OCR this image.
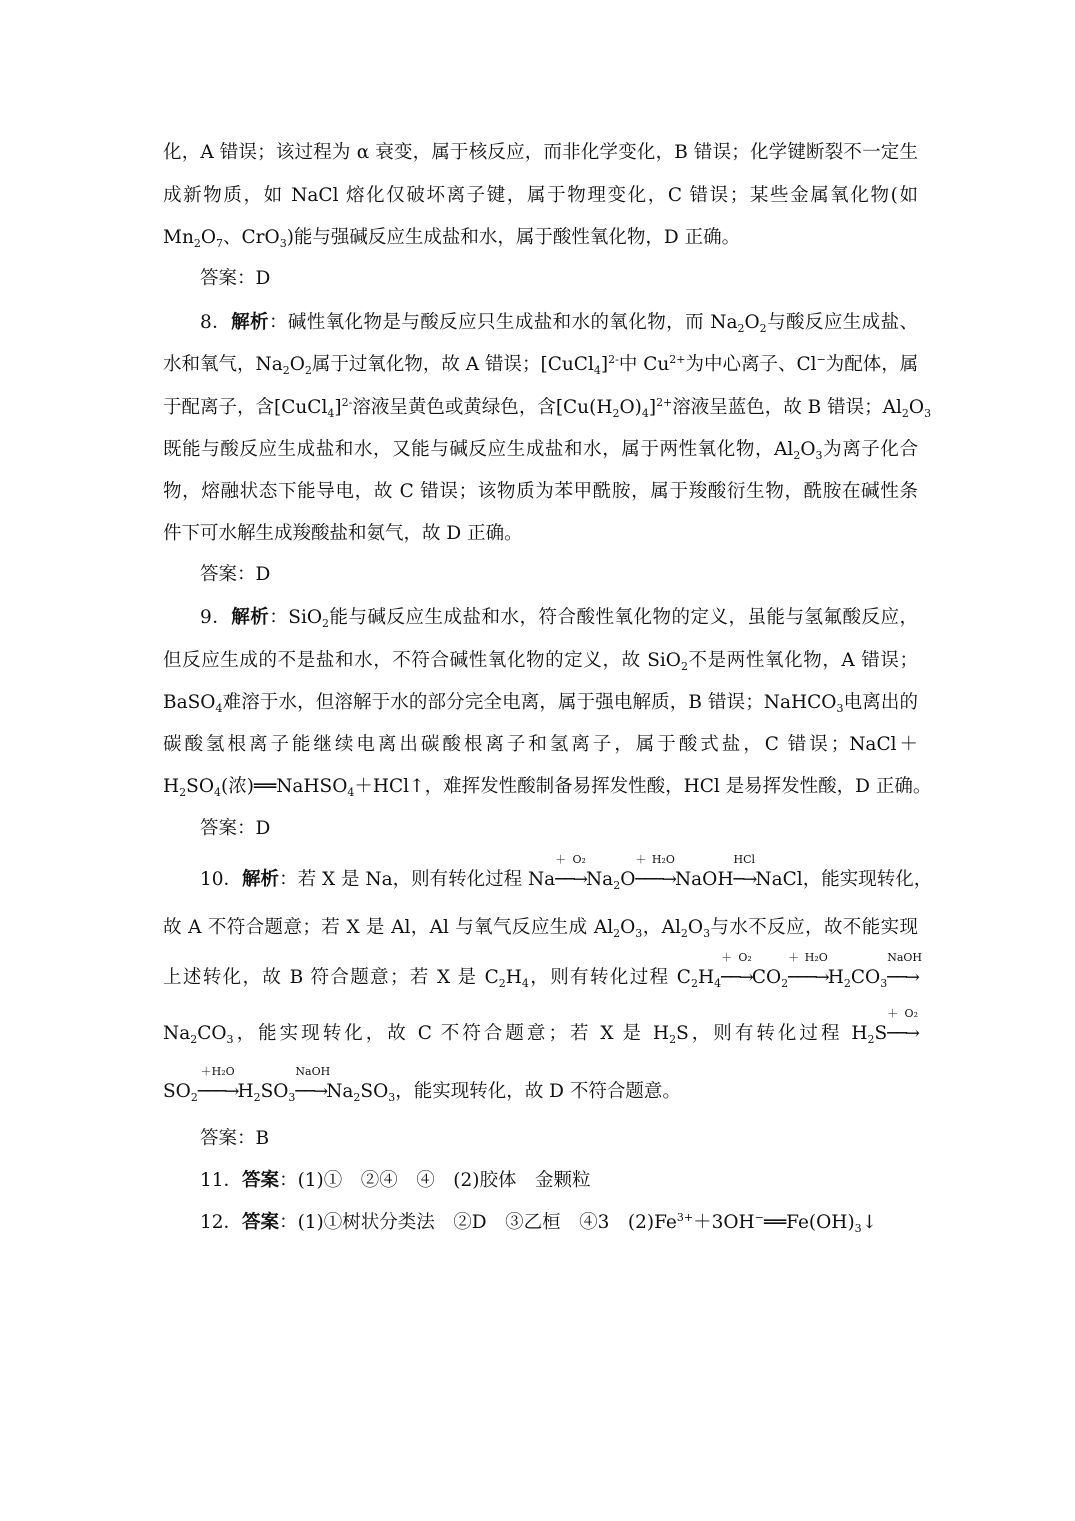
化，A 错误；该过程为 α 衰变，属于核反应，而非化学变化，B 错误；化学键断裂不一定生
成新物质，如 NaCl 熔化仅破坏离子键，属于物理变化，C 错误；某些金属氧化物(如
$Mn_2O_7$、CrO$_3$)能与强碱反应生成盐和水，属于酸性氧化物，D 正确。
答案：D
8．解析：碱性氧化物是与酸反应只生成盐和水的氧化物，而 $Na_2O_2$与酸反应生成盐、
水和氧气，$Na_2O_2$属于过氧化物，故 A 错误；[CuCl$_4$]$^{2-}$中 $Cu^{2+}$为中心离子、Cl−为配体，属
于配离子，含[CuCl$_4$]$^{2-}$溶液呈黄色或黄绿色，含$[Cu(H_2O)_4]^{2+}$溶液呈蓝色，故 B 错误；$Al_2O_3$
既能与酸反应生成盐和水，又能与碱反应生成盐和水，属于两性氧化物，$Al_2O_3$为离子化合
物，熔融状态下能导电，故 C 错误；该物质为苯甲酰胺，属于羧酸衍生物，酰胺在碱性条
件下可水解生成羧酸盐和氨气，故 D 正确。
答案：D
9．解析：SiO$_2$能与碱反应生成盐和水，符合酸性氧化物的定义，虽能与氢氟酸反应，
但反应生成的不是盐和水，不符合碱性氧化物的定义，故 SiO$_2$不是两性氧化物，A 错误；
BaSO$_4$难溶于水，但溶解于水的部分完全电离，属于强电解质，B 错误；NaHCO$_3$电离出的
碳酸氢根离子能继续电离出碳酸根离子和氢离子，属于酸式盐，C 错误；NaCl＋
$H_2SO_4$(浓)══NaHSO$_4$＋HCl↑，难挥发性酸制备易挥发性酸，HCl 是易挥发性酸，D 正确。
答案：D
10．解析：若 X 是 Na，则有转化过程 Na
＋O₂
$──\to Na_2O$
＋H₂O
───→NaOH
HCl
─→NaCl，能实现转化，
故 A 不符合题意；若 X 是 Al，Al 与氧气反应生成 $Al_2O_3$，$Al_2O_3$与水不反应，故不能实现
上述转化，故 B 符合题意；若 X 是 $C_2H_4$，则有转化过程 $C_2H_4$
＋O₂
$──\to CO_2$
＋H₂O
$───\to H_2CO_3$
NaOH
──→
$Na_2CO_3$，能实现转化，故 C 不符合题意；若 X 是 $H_2S$，则有转化过程 $H_2S$
＋O₂
──→
$SO_2$
＋H₂O
$───\to H_2SO_3$
NaOH
$──\to Na_2SO_3$，能实现转化，故 D 不符合题意。
答案：B
11．答案：(1)①　②④　④　(2)胶体　金颗粒
12．答案：(1)①树状分类法　②D　③乙桓　④3　$(2)Fe^{3+}+3OH^-══Fe(OH)_3↓$
